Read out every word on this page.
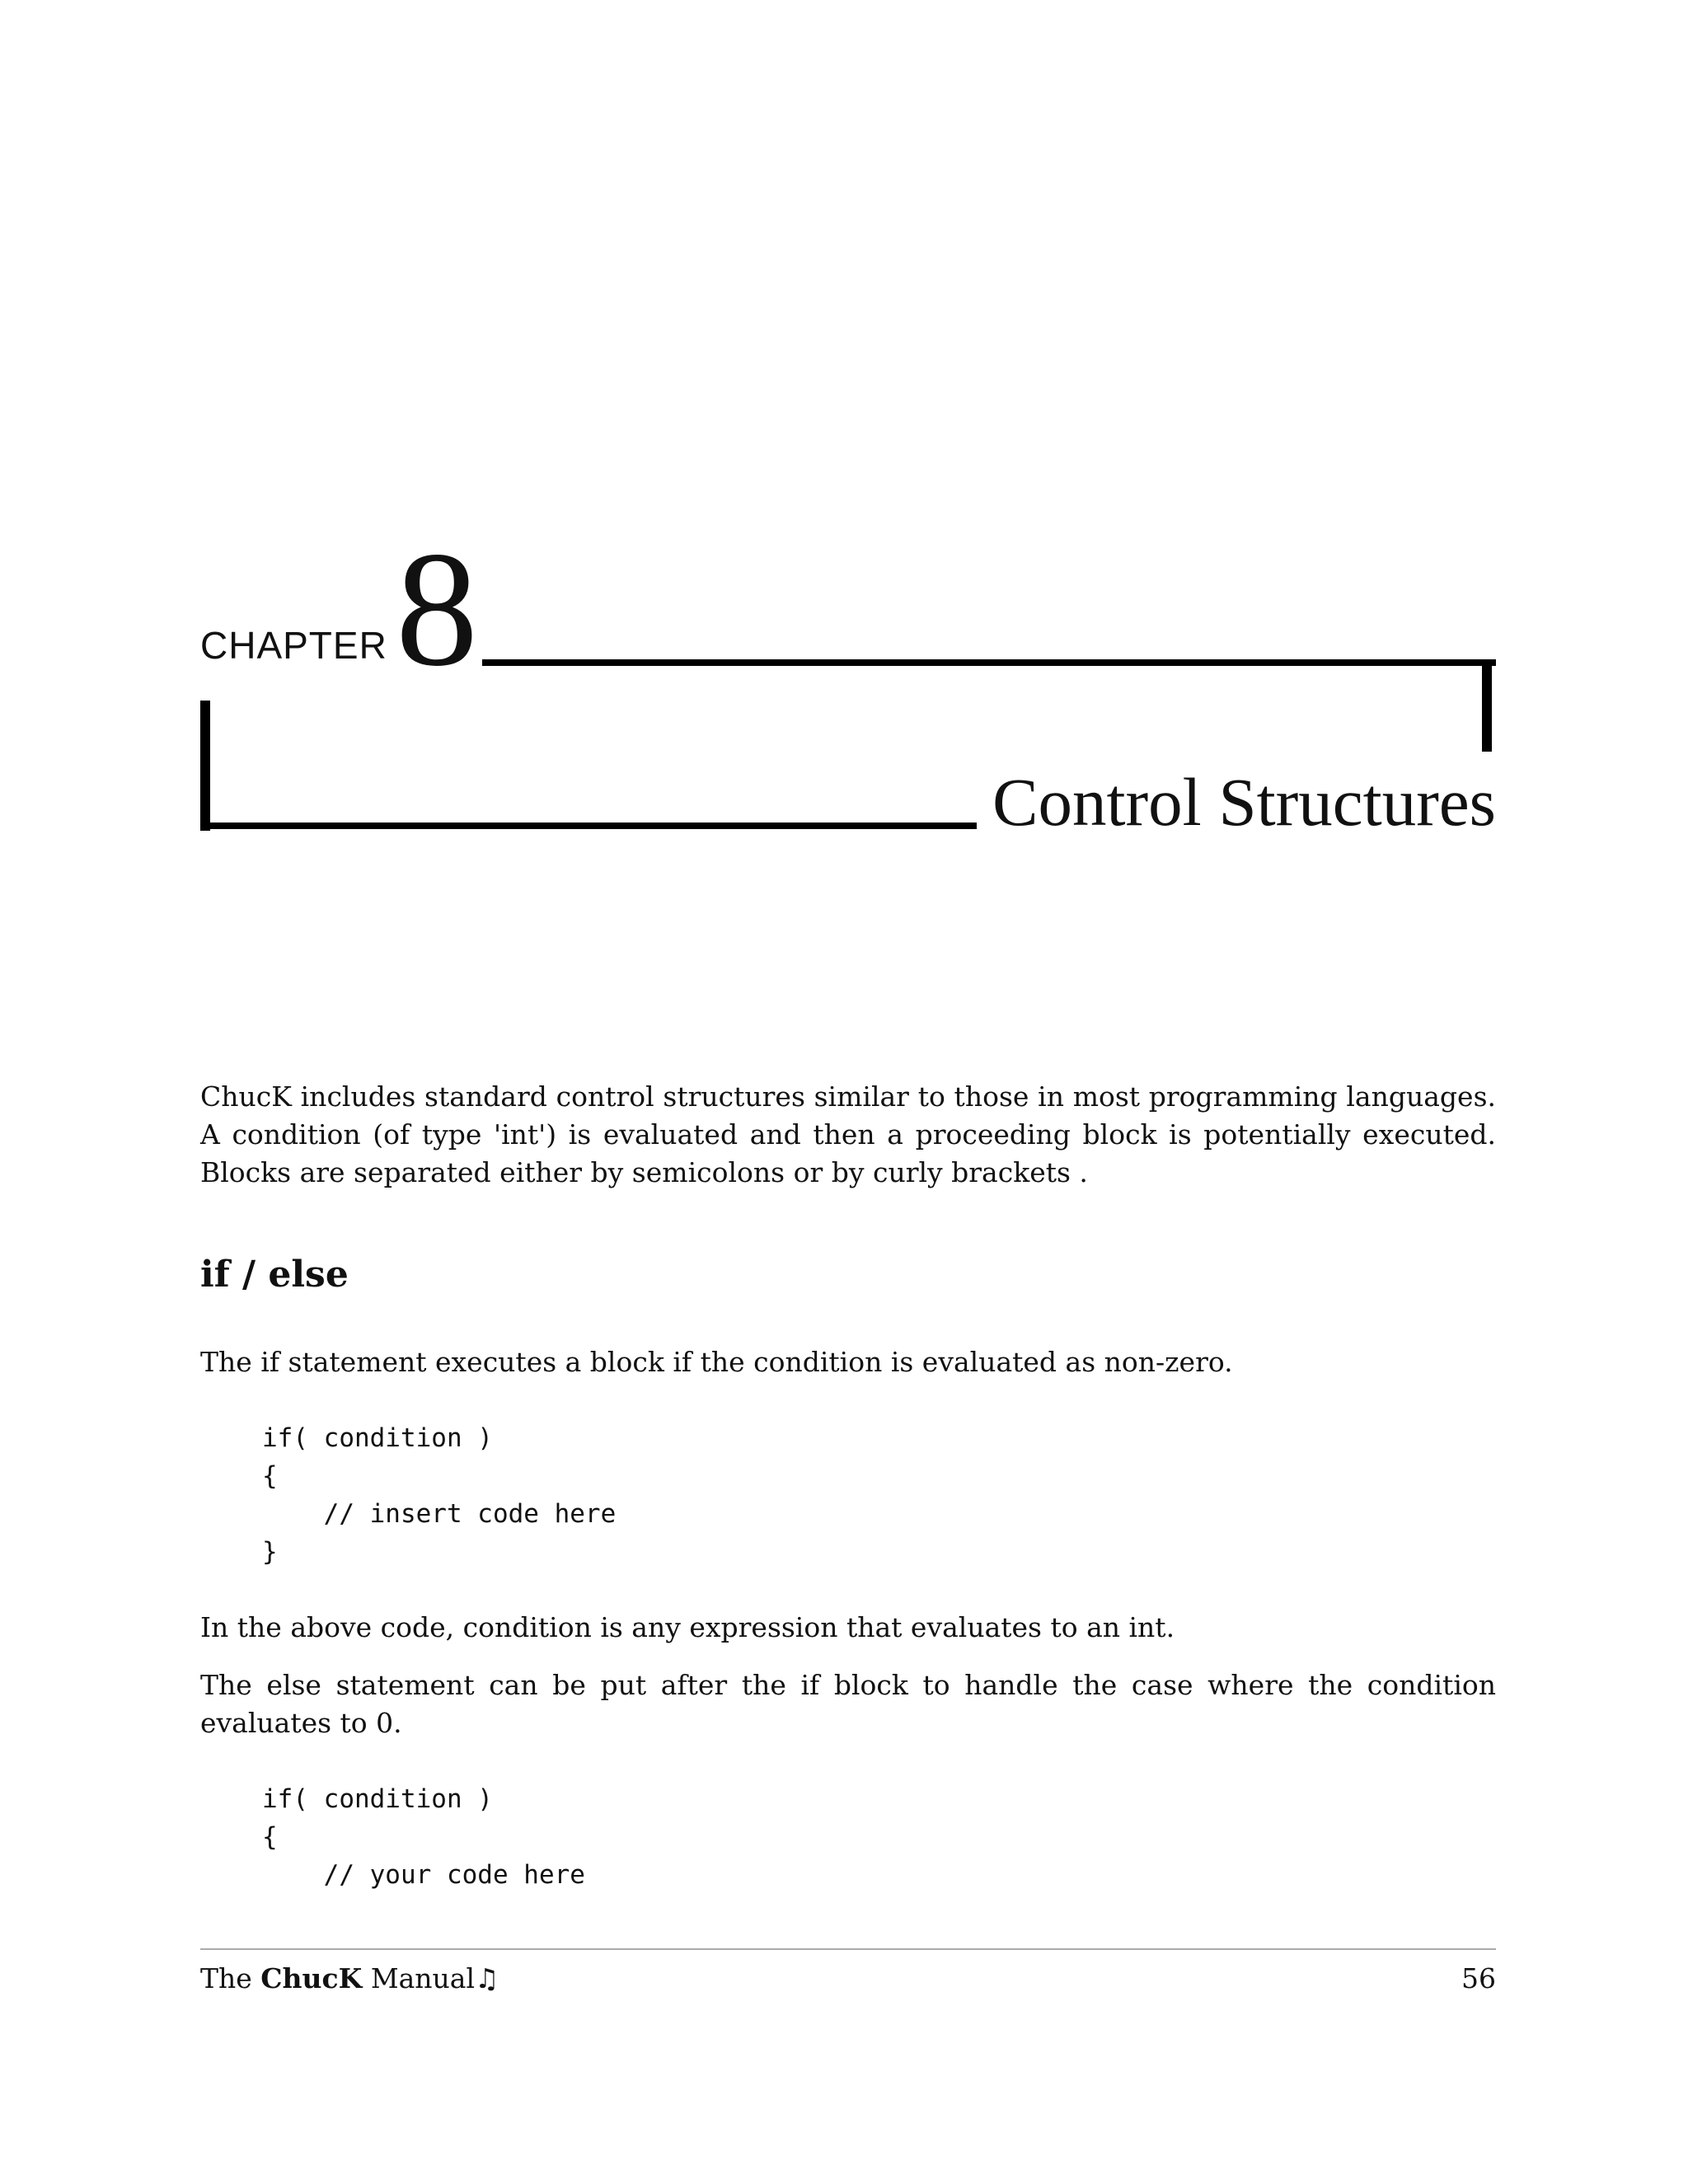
CHAPTER 8
Control Structures

ChucK includes standard control structures similar to those in most programming languages. A condition (of type 'int') is evaluated and then a proceeding block is potentially executed. Blocks are separated either by semicolons or by curly brackets .

if / else

The if statement executes a block if the condition is evaluated as non-zero.

if( condition )
{
// insert code here
}

In the above code, condition is any expression that evaluates to an int.

The else statement can be put after the if block to handle the case where the condition evaluates to 0.

if( condition )
{
// your code here
The ChucK Manual♫	56
